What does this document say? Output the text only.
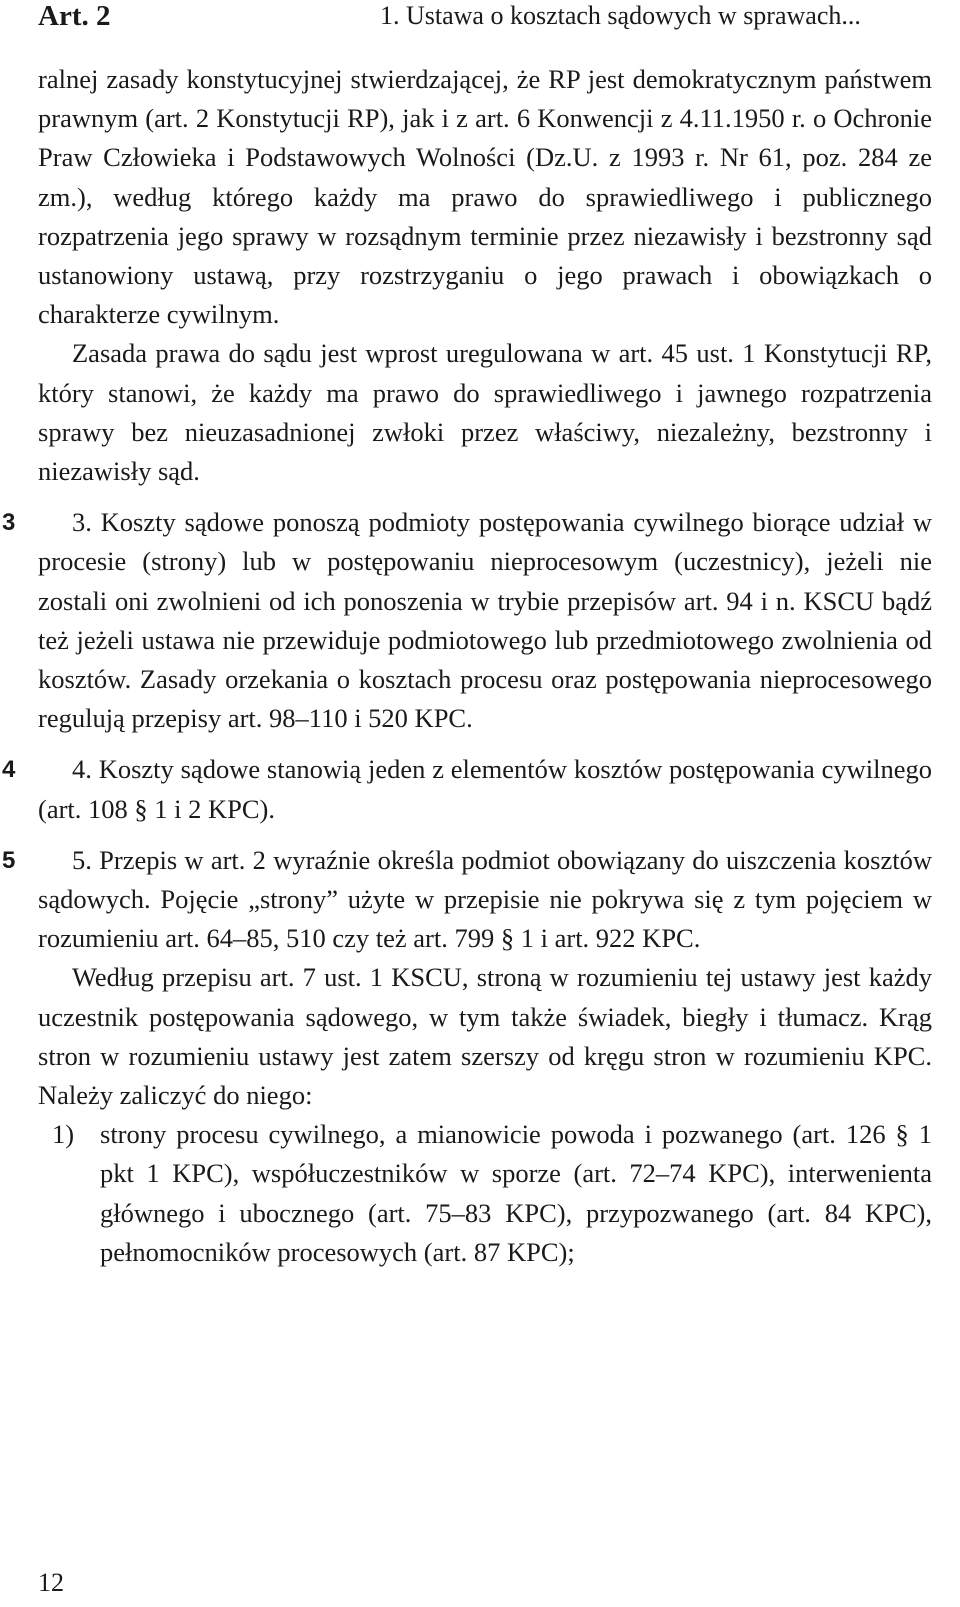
Art. 2	1. Ustawa o kosztach sądowych w sprawach...

ralnej zasady konstytucyjnej stwierdzającej, że RP jest demokratycznym państwem prawnym (art. 2 Konstytucji RP), jak i z art. 6 Konwencji z 4.11.1950 r. o Ochronie Praw Człowieka i Podstawowych Wolności (Dz.U. z 1993 r. Nr 61, poz. 284 ze zm.), według którego każdy ma prawo do sprawiedliwego i publicznego rozpatrzenia jego sprawy w rozsądnym terminie przez niezawisły i bezstronny sąd ustanowiony ustawą, przy rozstrzyganiu o jego prawach i obowiązkach o charakterze cywilnym.

Zasada prawa do sądu jest wprost uregulowana w art. 45 ust. 1 Konstytucji RP, który stanowi, że każdy ma prawo do sprawiedliwego i jawnego rozpatrzenia sprawy bez nieuzasadnionej zwłoki przez właściwy, niezależny, bezstronny i niezawisły sąd.

3	3. Koszty sądowe ponoszą podmioty postępowania cywilnego biorące udział w procesie (strony) lub w postępowaniu nieprocesowym (uczestnicy), jeżeli nie zostali oni zwolnieni od ich ponoszenia w trybie przepisów art. 94 i n. KSCU bądź też jeżeli ustawa nie przewiduje podmiotowego lub przedmiotowego zwolnienia od kosztów. Zasady orzekania o kosztach procesu oraz postępowania nieprocesowego regulują przepisy art. 98–110 i 520 KPC.

4	4. Koszty sądowe stanowią jeden z elementów kosztów postępowania cywilnego (art. 108 § 1 i 2 KPC).

5	5. Przepis w art. 2 wyraźnie określa podmiot obowiązany do uiszczenia kosztów sądowych. Pojęcie „strony” użyte w przepisie nie pokrywa się z tym pojęciem w rozumieniu art. 64–85, 510 czy też art. 799 § 1 i art. 922 KPC.

Według przepisu art. 7 ust. 1 KSCU, stroną w rozumieniu tej ustawy jest każdy uczestnik postępowania sądowego, w tym także świadek, biegły i tłumacz. Krąg stron w rozumieniu ustawy jest zatem szerszy od kręgu stron w rozumieniu KPC. Należy zaliczyć do niego:

1) strony procesu cywilnego, a mianowicie powoda i pozwanego (art. 126 § 1 pkt 1 KPC), współuczestników w sporze (art. 72–74 KPC), interwenienta głównego i ubocznego (art. 75–83 KPC), przypozwanego (art. 84 KPC), pełnomocników procesowych (art. 87 KPC);
12
